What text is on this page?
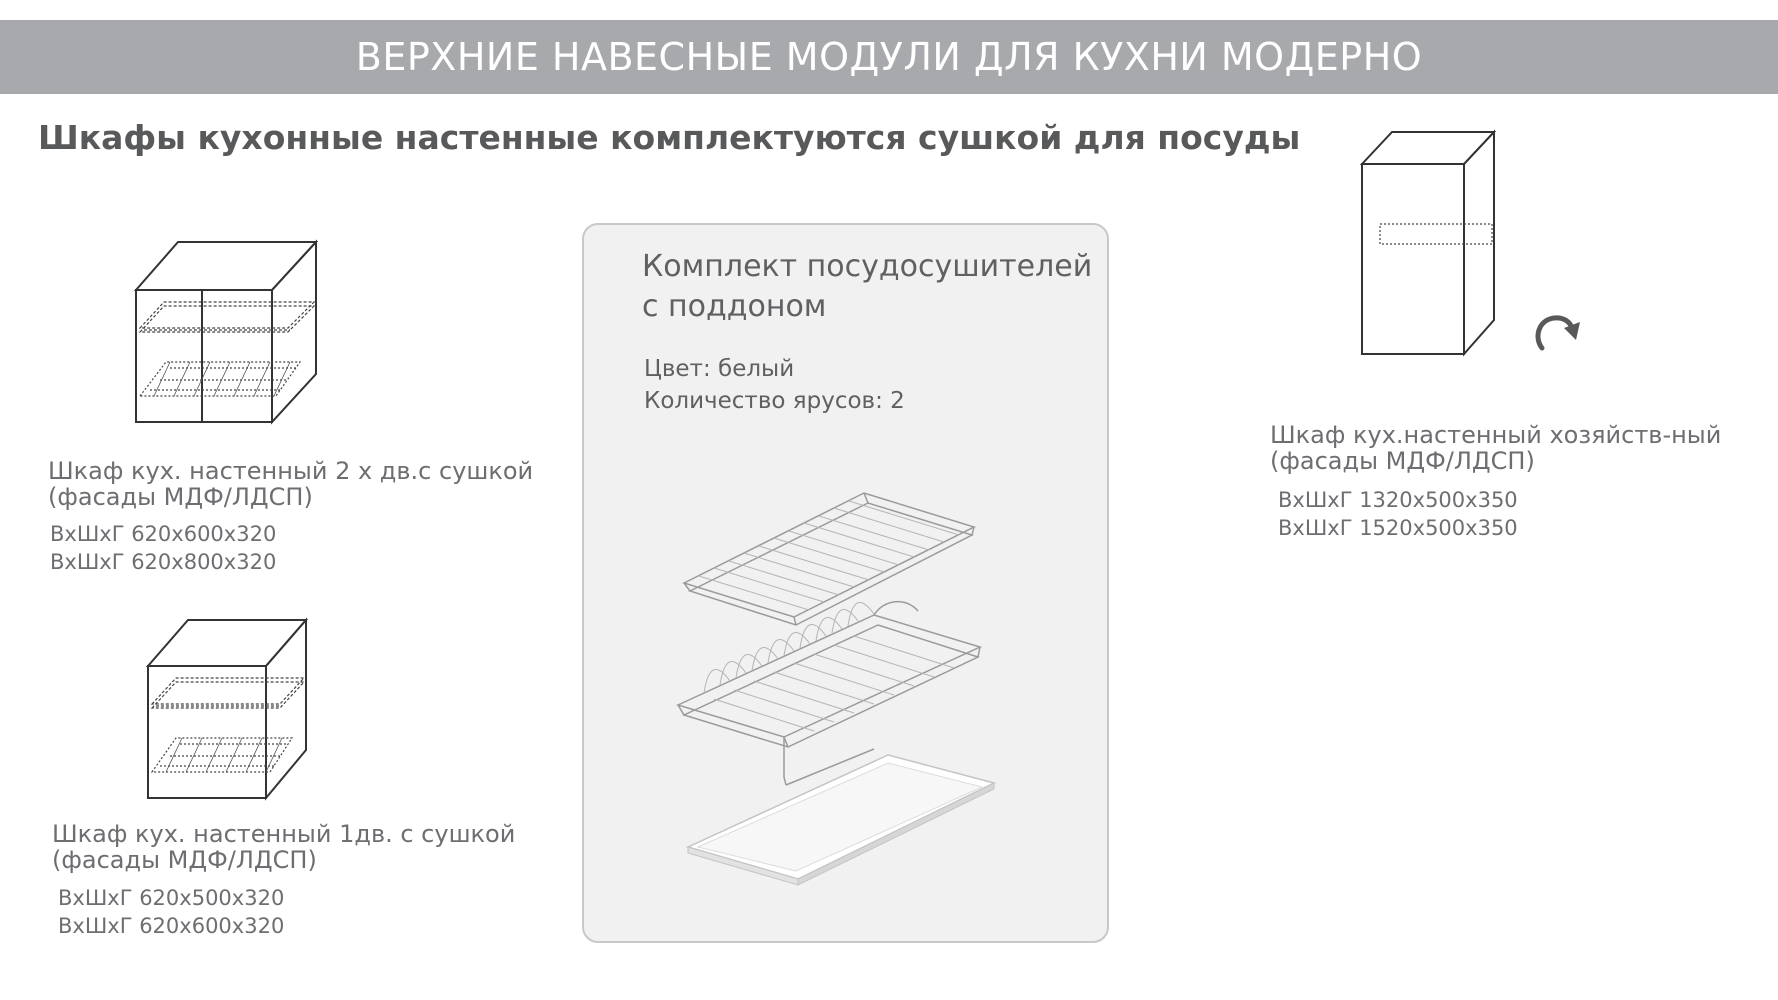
ВЕРХНИЕ НАВЕСНЫЕ МОДУЛИ ДЛЯ КУХНИ МОДЕРНО
Шкафы кухонные настенные комплектуются сушкой для посуды
Шкаф кух. настенный 2 х дв.с сушкой
(фасады МДФ/ЛДСП)
ВхШхГ 620х600х320
ВхШхГ 620х800х320
Шкаф кух. настенный 1дв. с сушкой
(фасады МДФ/ЛДСП)
ВхШхГ 620х500х320
ВхШхГ 620х600х320
Комплект посудосушителей
с поддоном
Цвет: белый
Количество ярусов: 2
Шкаф кух.настенный хозяйств-ный
(фасады МДФ/ЛДСП)
ВхШхГ 1320х500х350
ВхШхГ 1520х500х350
